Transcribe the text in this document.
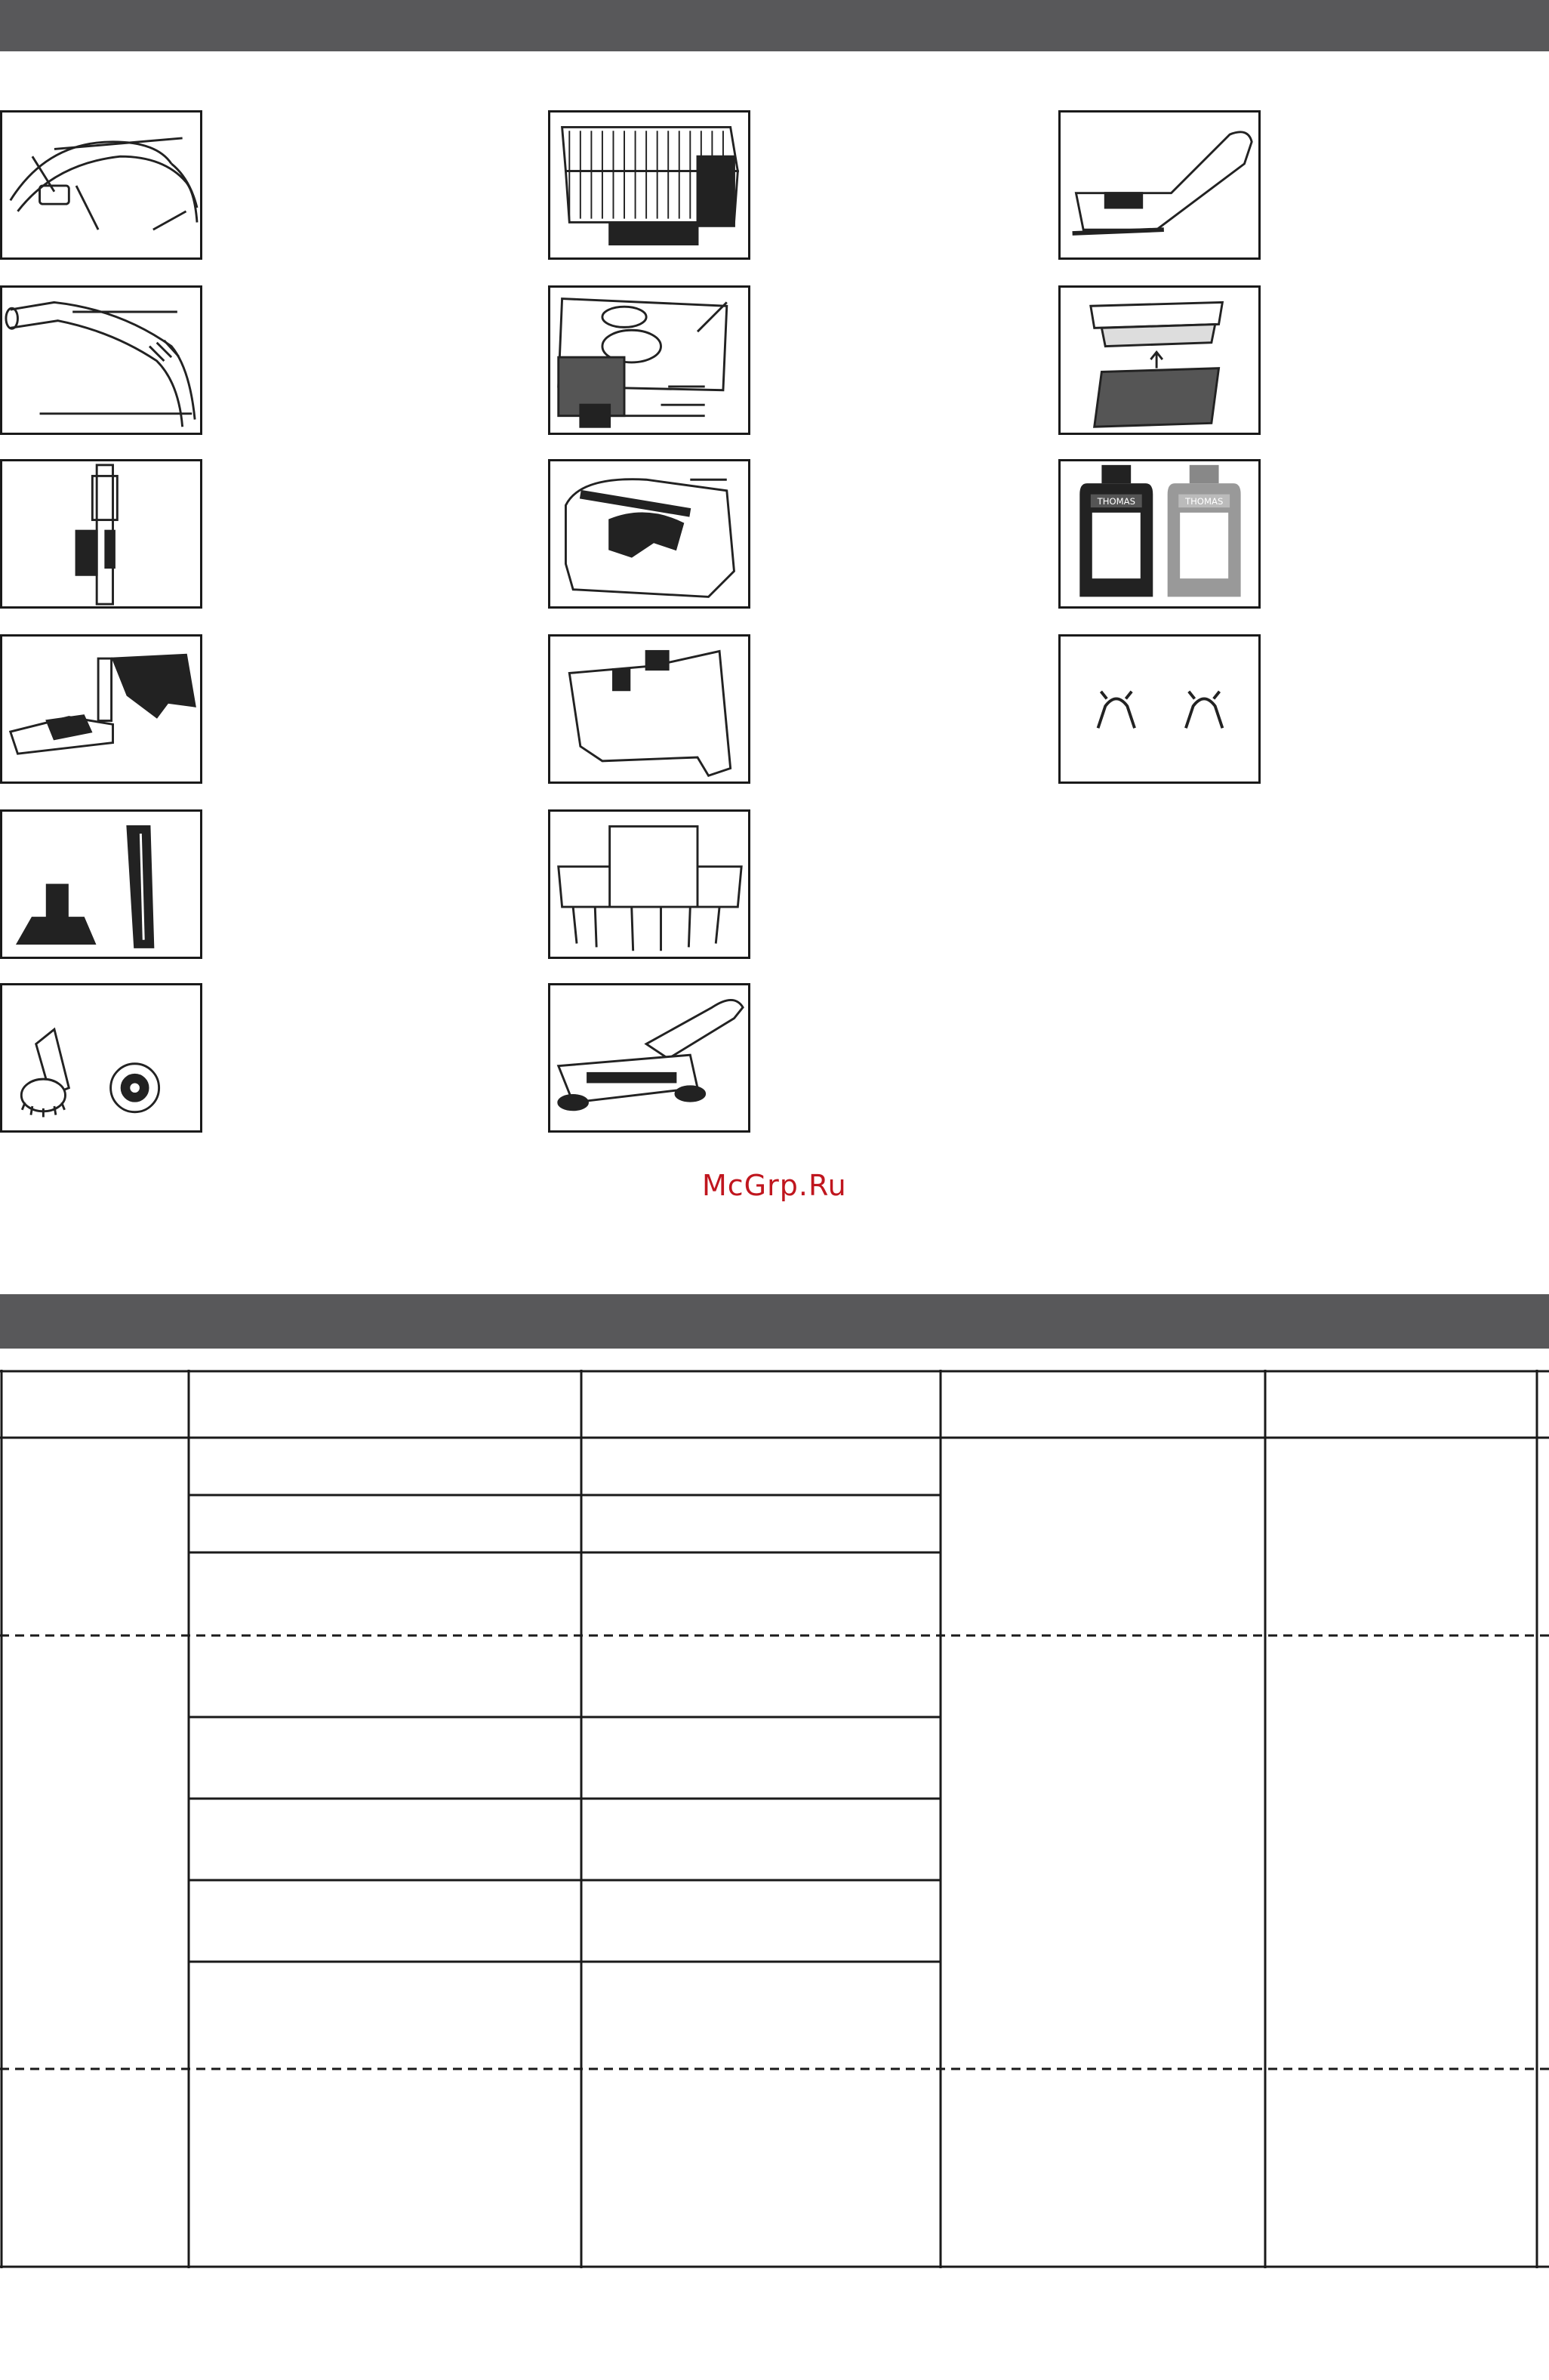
THOMAS	THOMAS
McGrp.Ru
